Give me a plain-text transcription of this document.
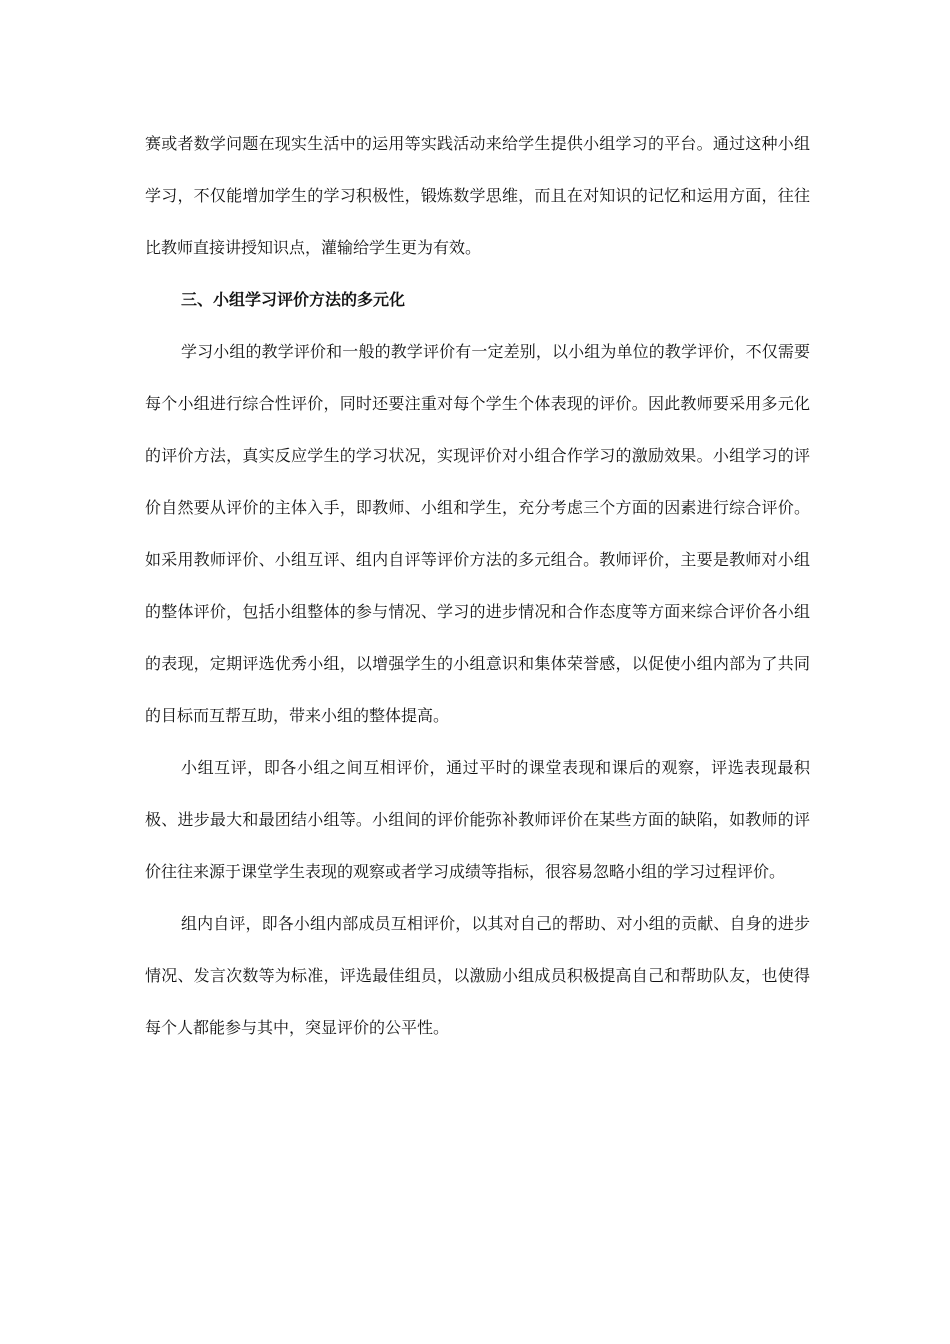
赛或者数学问题在现实生活中的运用等实践活动来给学生提供小组学习的平台。通过这种小组学习，不仅能增加学生的学习积极性，锻炼数学思维，而且在对知识的记忆和运用方面，往往比教师直接讲授知识点，灌输给学生更为有效。

三、小组学习评价方法的多元化

学习小组的教学评价和一般的教学评价有一定差别，以小组为单位的教学评价，不仅需要每个小组进行综合性评价，同时还要注重对每个学生个体表现的评价。因此教师要采用多元化的评价方法，真实反应学生的学习状况，实现评价对小组合作学习的激励效果。小组学习的评价自然要从评价的主体入手，即教师、小组和学生，充分考虑三个方面的因素进行综合评价。如采用教师评价、小组互评、组内自评等评价方法的多元组合。教师评价，主要是教师对小组的整体评价，包括小组整体的参与情况、学习的进步情况和合作态度等方面来综合评价各小组的表现，定期评选优秀小组，以增强学生的小组意识和集体荣誉感，以促使小组内部为了共同的目标而互帮互助，带来小组的整体提高。

小组互评，即各小组之间互相评价，通过平时的课堂表现和课后的观察，评选表现最积极、进步最大和最团结小组等。小组间的评价能弥补教师评价在某些方面的缺陷，如教师的评价往往来源于课堂学生表现的观察或者学习成绩等指标，很容易忽略小组的学习过程评价。

组内自评，即各小组内部成员互相评价，以其对自己的帮助、对小组的贡献、自身的进步情况、发言次数等为标准，评选最佳组员，以激励小组成员积极提高自己和帮助队友，也使得每个人都能参与其中，突显评价的公平性。
